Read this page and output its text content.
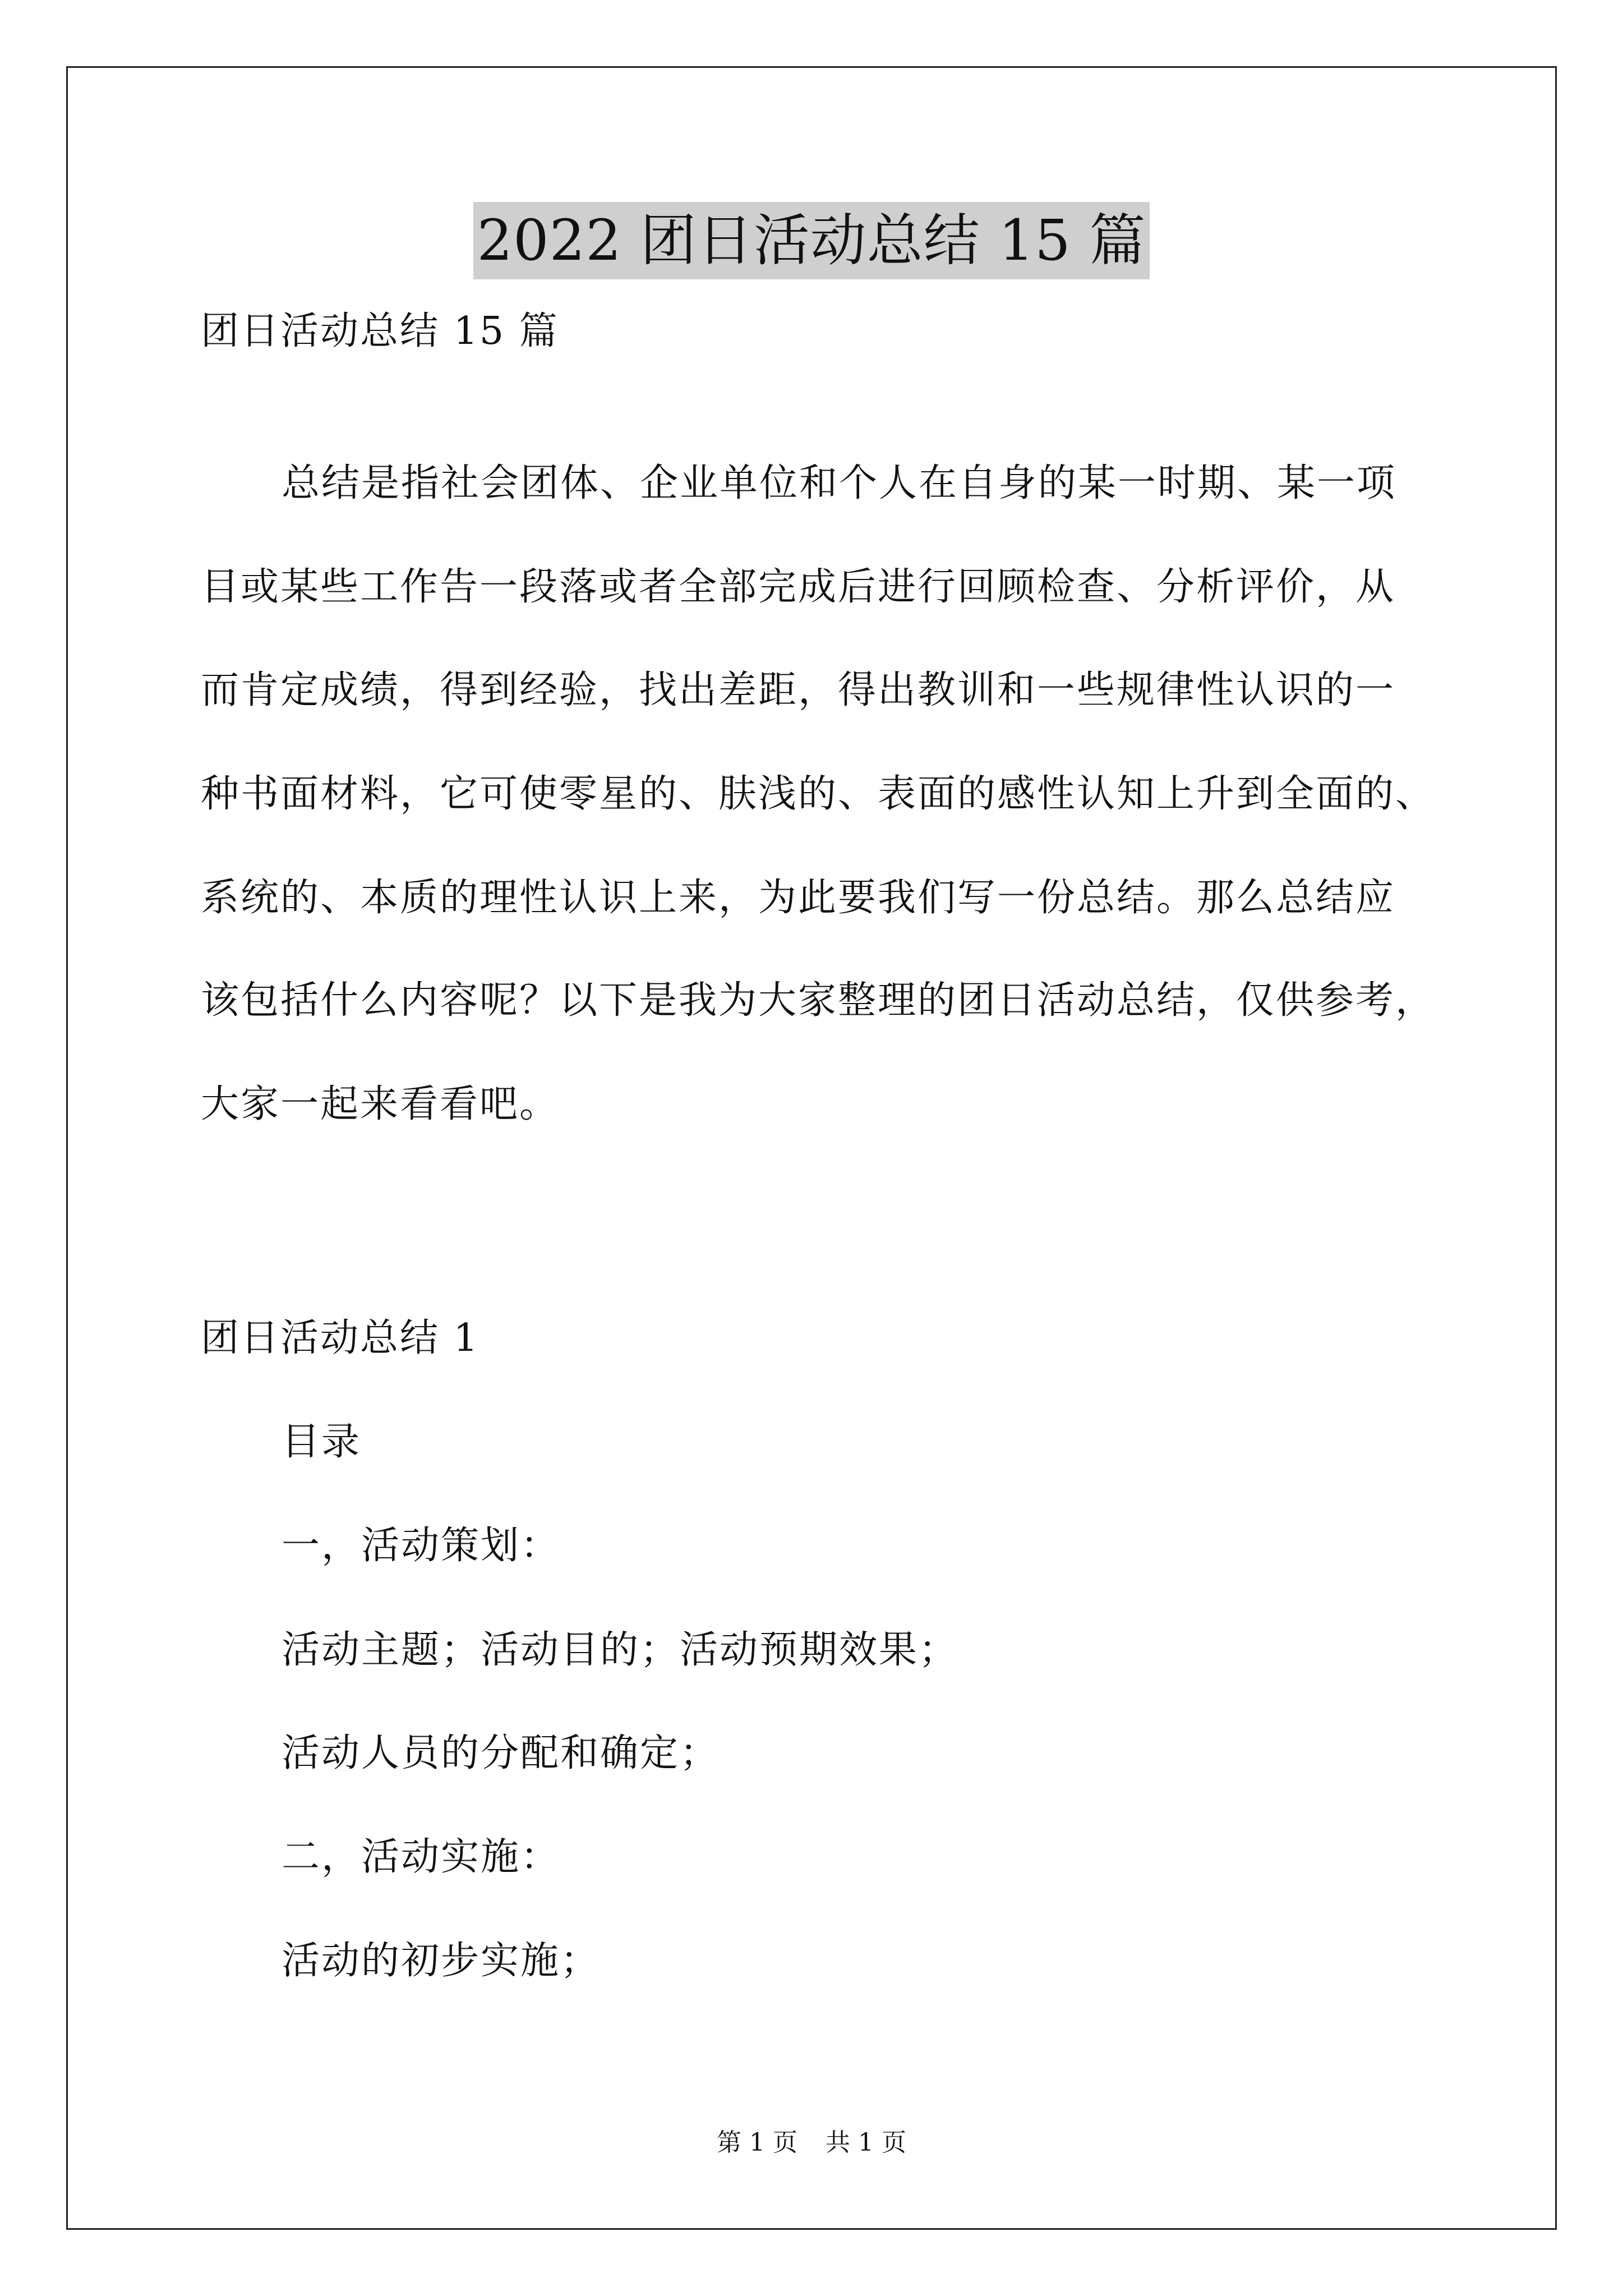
2022 团日活动总结 15 篇

团日活动总结 15 篇

总结是指社会团体、企业单位和个人在自身的某一时期、某一项

目或某些工作告一段落或者全部完成后进行回顾检查、分析评价，从

而肯定成绩，得到经验，找出差距，得出教训和一些规律性认识的一

种书面材料，它可使零星的、肤浅的、表面的感性认知上升到全面的、

系统的、本质的理性认识上来，为此要我们写一份总结。那么总结应

该包括什么内容呢？以下是我为大家整理的团日活动总结，仅供参考，

大家一起来看看吧。

团日活动总结 1

目录

一，活动策划：

活动主题；活动目的；活动预期效果；

活动人员的分配和确定；

二，活动实施：

活动的初步实施；

第 1 页 共 1 页
